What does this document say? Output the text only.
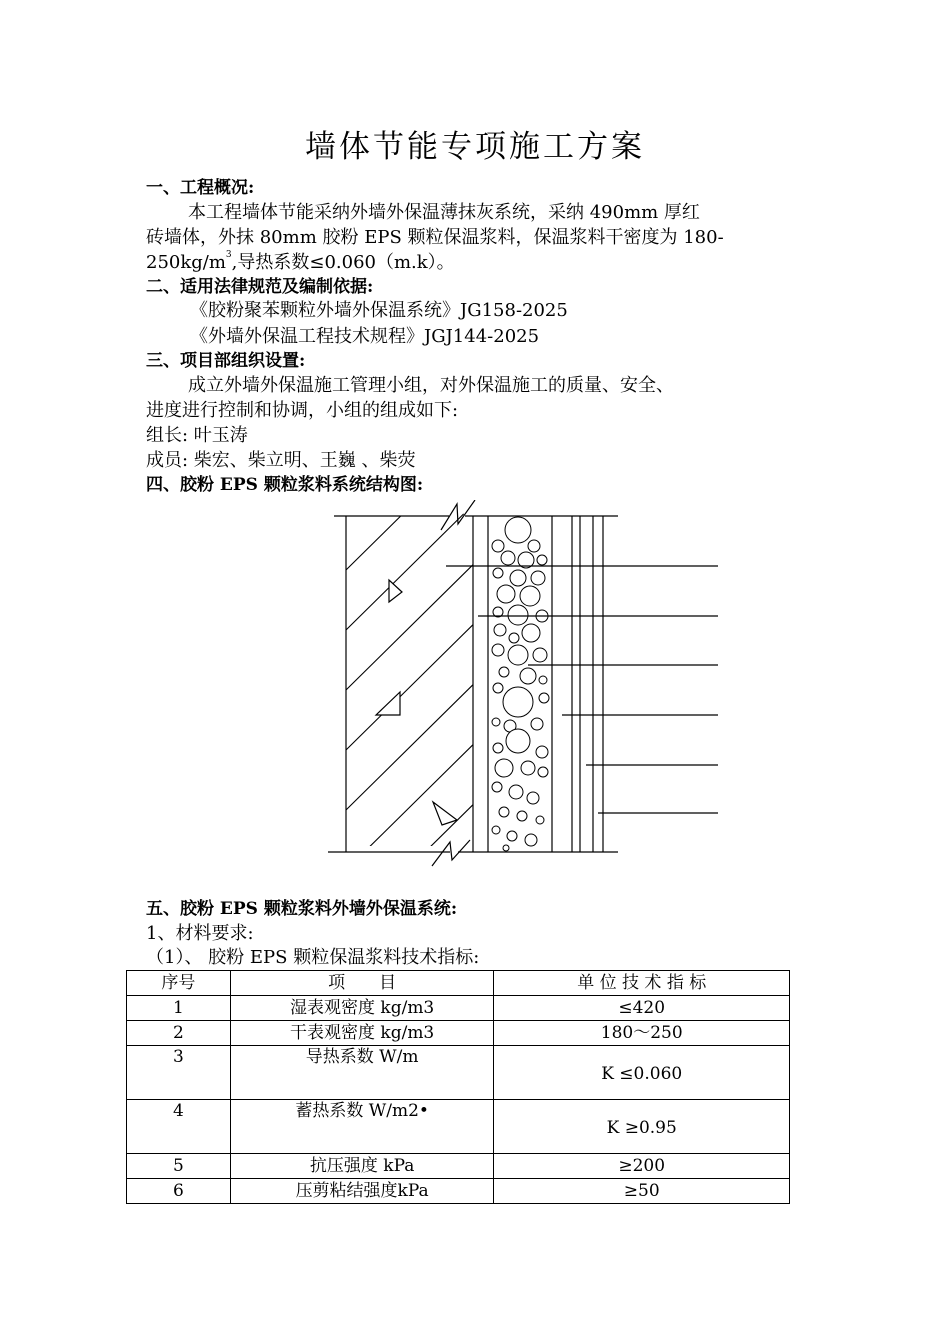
墙体节能专项施工方案
一、工程概况:
本工程墙体节能采纳外墙外保温薄抹灰系统，采纳 490mm 厚红
砖墙体，外抹 80mm 胶粉 EPS 颗粒保温浆料，保温浆料干密度为 180-
$250kg/m^3$,导热系数≤0.060（m.k）。
二、适用法律规范及编制依据:
《胶粉聚苯颗粒外墙外保温系统》JG158-2025
《外墙外保温工程技术规程》JGJ144-2025
三、项目部组织设置:
成立外墙外保温施工管理小组，对外保温施工的质量、安全、
进度进行控制和协调，小组的组成如下:
组长: 叶玉涛
成员: 柴宏、柴立明、王巍 、柴荧
四、胶粉 EPS 颗粒浆料系统结构图:
五、胶粉 EPS 颗粒浆料外墙外保温系统:
1、材料要求:
（1）、 胶粉 EPS 颗粒保温浆料技术指标:
序号	项　　目	单 位 技 术 指 标
1	湿表观密度 kg/m3	≤420
2	干表观密度 kg/m3	180～250
3	导热系数 W/m	K ≤0.060
4	蓄热系数 W/m2•	K ≥0.95
5	抗压强度 kPa	≥200
6	压剪粘结强度kPa	≥50
